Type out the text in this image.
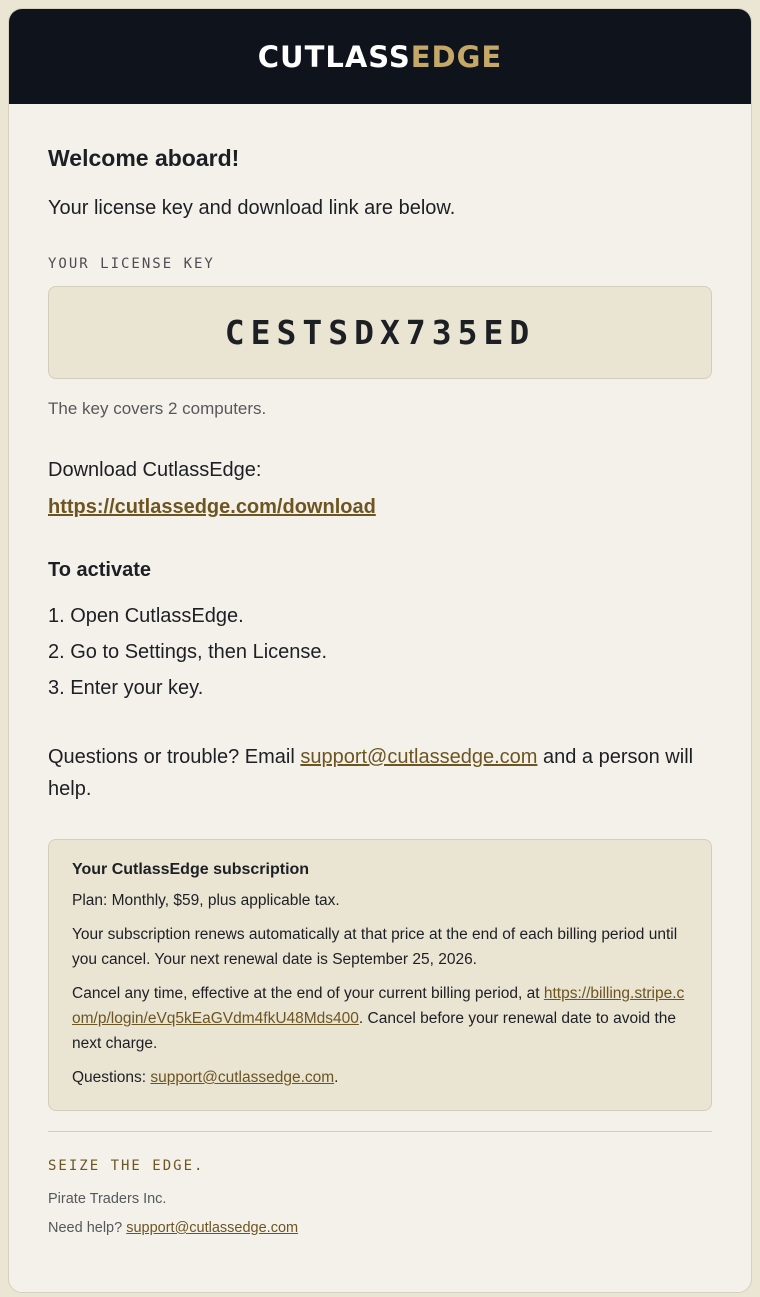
CUTLASSEDGE

Welcome aboard!

Your license key and download link are below.

YOUR LICENSE KEY

CESTSDX735ED

The key covers 2 computers.

Download CutlassEdge:

https://cutlassedge.com/download

To activate

1. Open CutlassEdge.
2. Go to Settings, then License.
3. Enter your key.

Questions or trouble? Email support@cutlassedge.com and a person will help.

Your CutlassEdge subscription

Plan: Monthly, $59, plus applicable tax.

Your subscription renews automatically at that price at the end of each billing period until you cancel. Your next renewal date is September 25, 2026.

Cancel any time, effective at the end of your current billing period, at https://billing.stripe.com/p/login/eVq5kEaGVdm4fkU48Mds400. Cancel before your renewal date to avoid the next charge.

Questions: support@cutlassedge.com.

SEIZE THE EDGE.

Pirate Traders Inc.

Need help? support@cutlassedge.com
